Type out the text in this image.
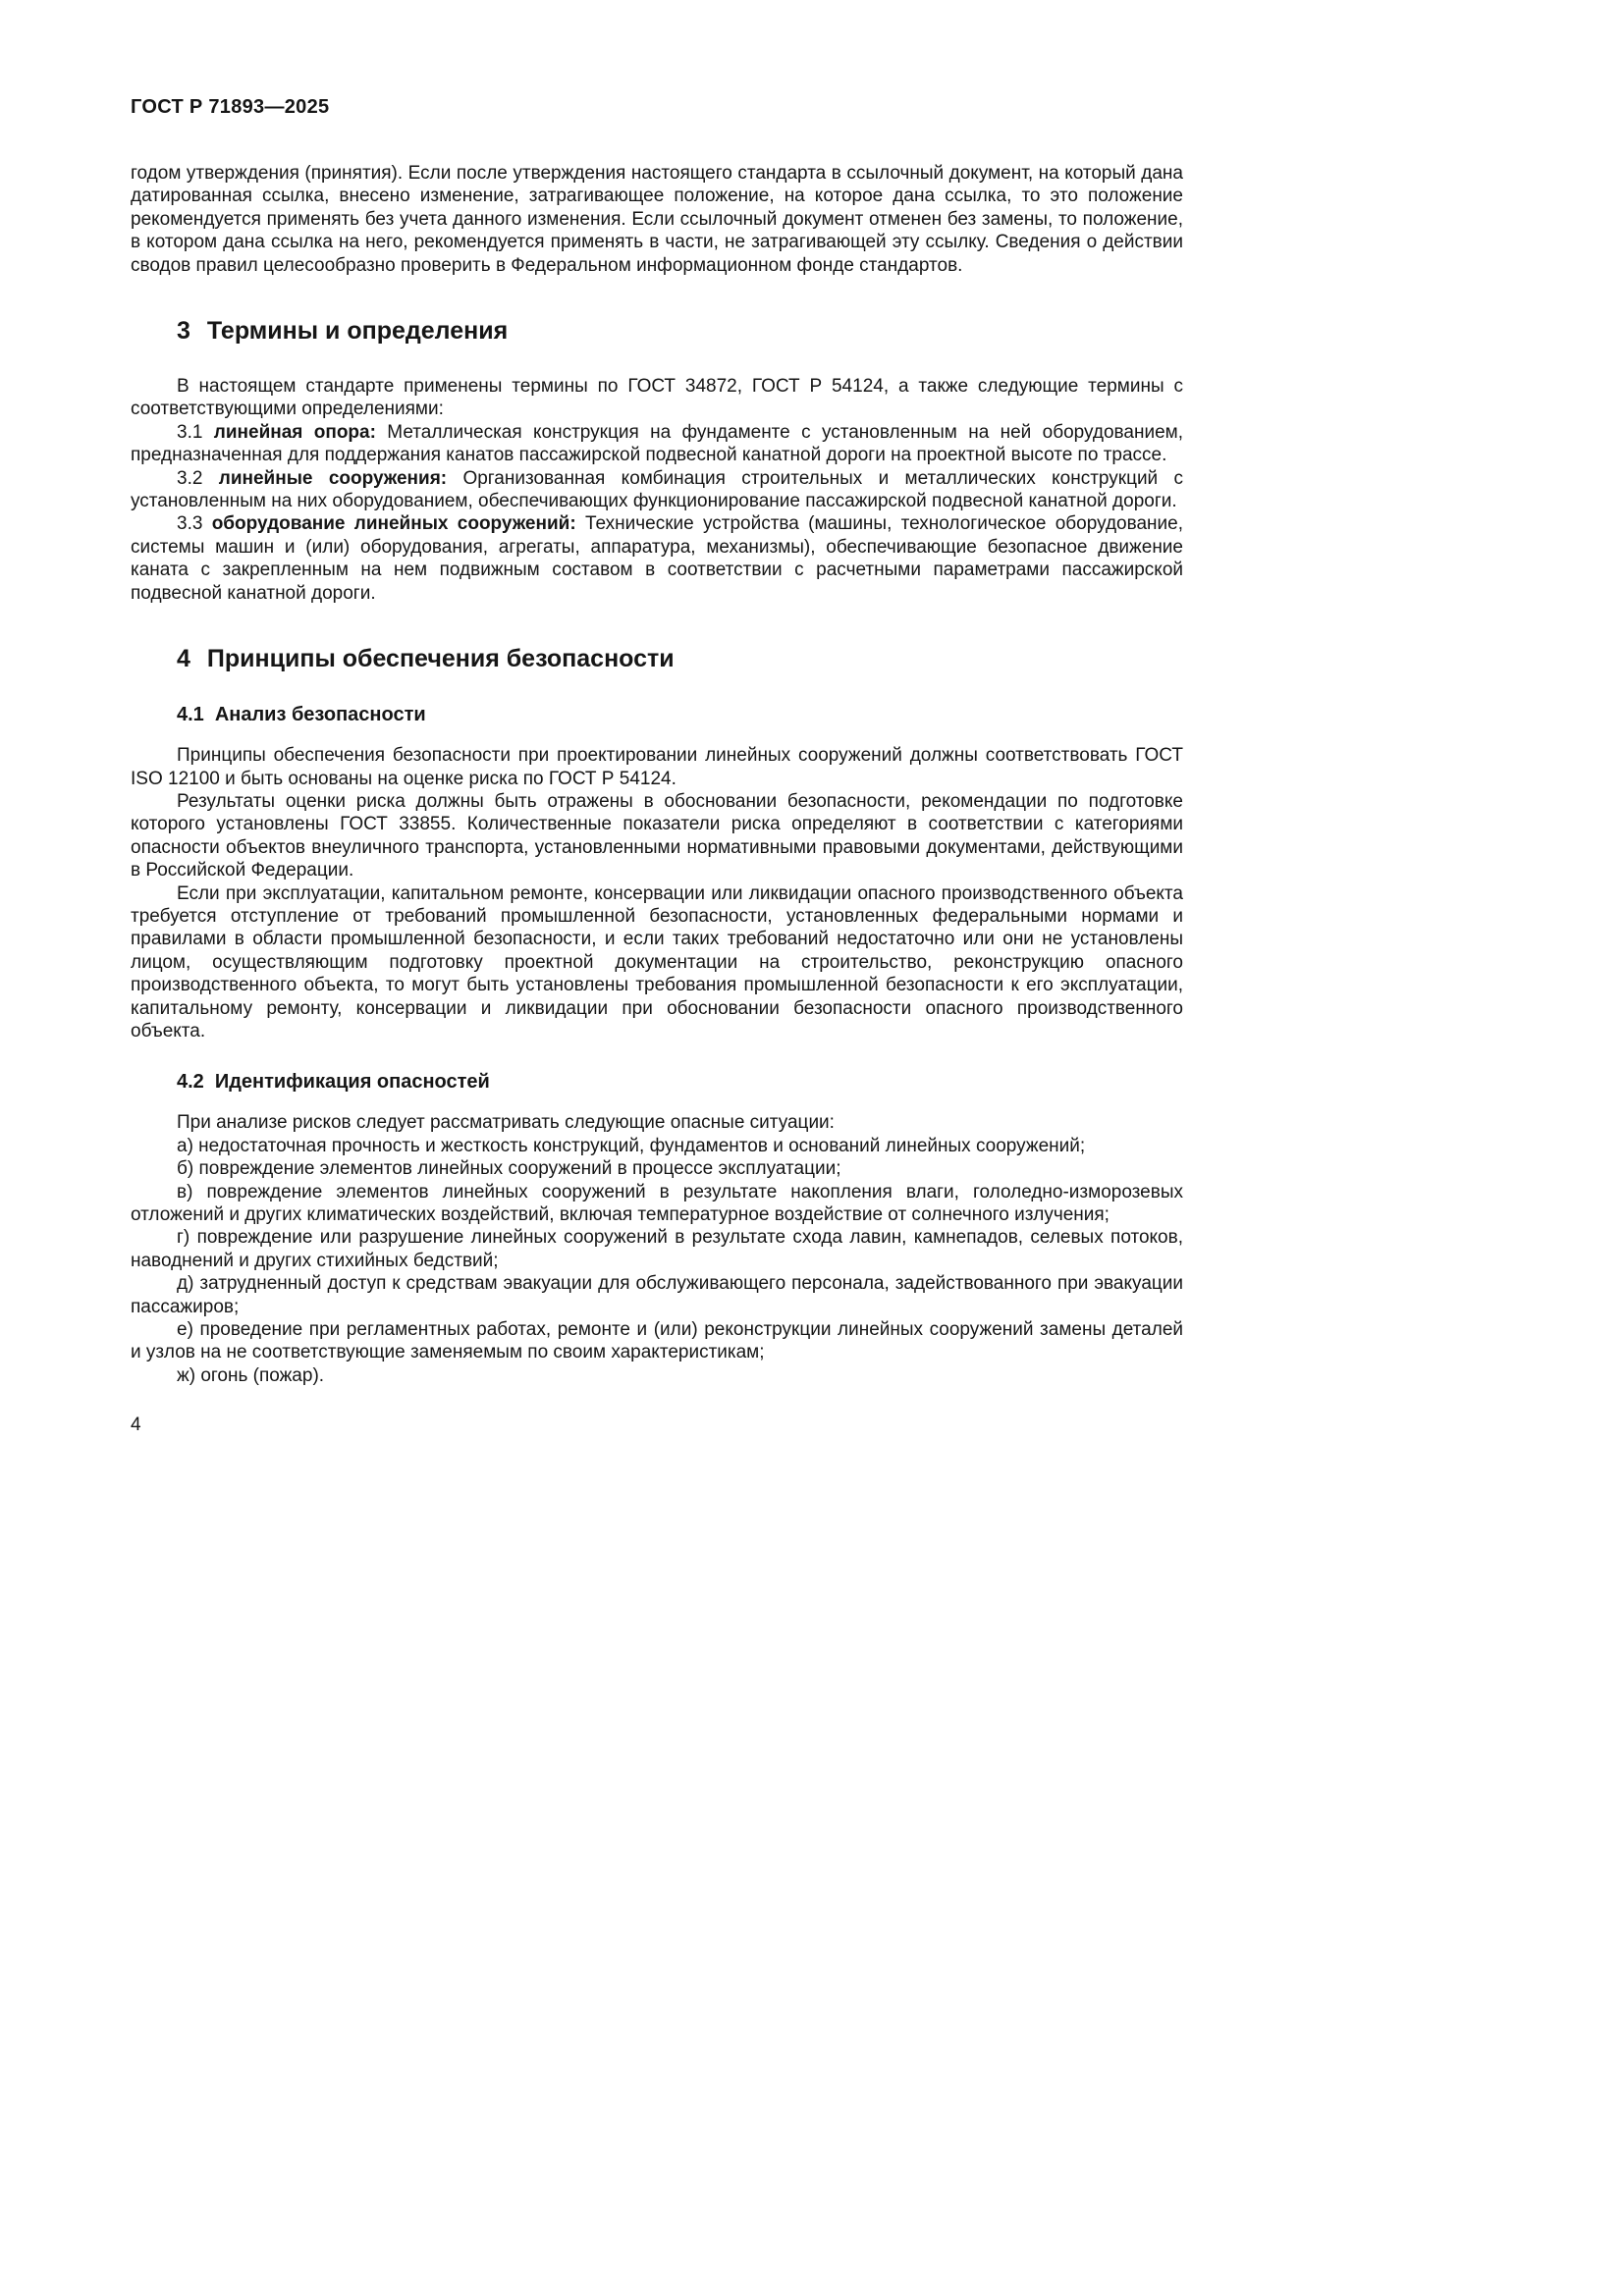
ГОСТ Р 71893—2025

годом утверждения (принятия). Если после утверждения настоящего стандарта в ссылочный документ, на который дана датированная ссылка, внесено изменение, затрагивающее положение, на которое дана ссылка, то это положение рекомендуется применять без учета данного изменения. Если ссылочный документ отменен без замены, то положение, в котором дана ссылка на него, рекомендуется применять в части, не затрагивающей эту ссылку. Сведения о действии сводов правил целесообразно проверить в Федеральном информационном фонде стандартов.

3 Термины и определения

В настоящем стандарте применены термины по ГОСТ 34872, ГОСТ Р 54124, а также следующие термины с соответствующими определениями:

3.1 линейная опора: Металлическая конструкция на фундаменте с установленным на ней оборудованием, предназначенная для поддержания канатов пассажирской подвесной канатной дороги на проектной высоте по трассе.

3.2 линейные сооружения: Организованная комбинация строительных и металлических конструкций с установленным на них оборудованием, обеспечивающих функционирование пассажирской подвесной канатной дороги.

3.3 оборудование линейных сооружений: Технические устройства (машины, технологическое оборудование, системы машин и (или) оборудования, агрегаты, аппаратура, механизмы), обеспечивающие безопасное движение каната с закрепленным на нем подвижным составом в соответствии с расчетными параметрами пассажирской подвесной канатной дороги.

4 Принципы обеспечения безопасности
4.1 Анализ безопасности

Принципы обеспечения безопасности при проектировании линейных сооружений должны соответствовать ГОСТ ISO 12100 и быть основаны на оценке риска по ГОСТ Р 54124.

Результаты оценки риска должны быть отражены в обосновании безопасности, рекомендации по подготовке которого установлены ГОСТ 33855. Количественные показатели риска определяют в соответствии с категориями опасности объектов внеуличного транспорта, установленными нормативными правовыми документами, действующими в Российской Федерации.

Если при эксплуатации, капитальном ремонте, консервации или ликвидации опасного производственного объекта требуется отступление от требований промышленной безопасности, установленных федеральными нормами и правилами в области промышленной безопасности, и если таких требований недостаточно или они не установлены лицом, осуществляющим подготовку проектной документации на строительство, реконструкцию опасного производственного объекта, то могут быть установлены требования промышленной безопасности к его эксплуатации, капитальному ремонту, консервации и ликвидации при обосновании безопасности опасного производственного объекта.

4.2 Идентификация опасностей

При анализе рисков следует рассматривать следующие опасные ситуации:

а) недостаточная прочность и жесткость конструкций, фундаментов и оснований линейных сооружений;

б) повреждение элементов линейных сооружений в процессе эксплуатации;

в) повреждение элементов линейных сооружений в результате накопления влаги, гололедно-изморозевых отложений и других климатических воздействий, включая температурное воздействие от солнечного излучения;

г) повреждение или разрушение линейных сооружений в результате схода лавин, камнепадов, селевых потоков, наводнений и других стихийных бедствий;

д) затрудненный доступ к средствам эвакуации для обслуживающего персонала, задействованного при эвакуации пассажиров;

е) проведение при регламентных работах, ремонте и (или) реконструкции линейных сооружений замены деталей и узлов на не соответствующие заменяемым по своим характеристикам;

ж) огонь (пожар).

4
